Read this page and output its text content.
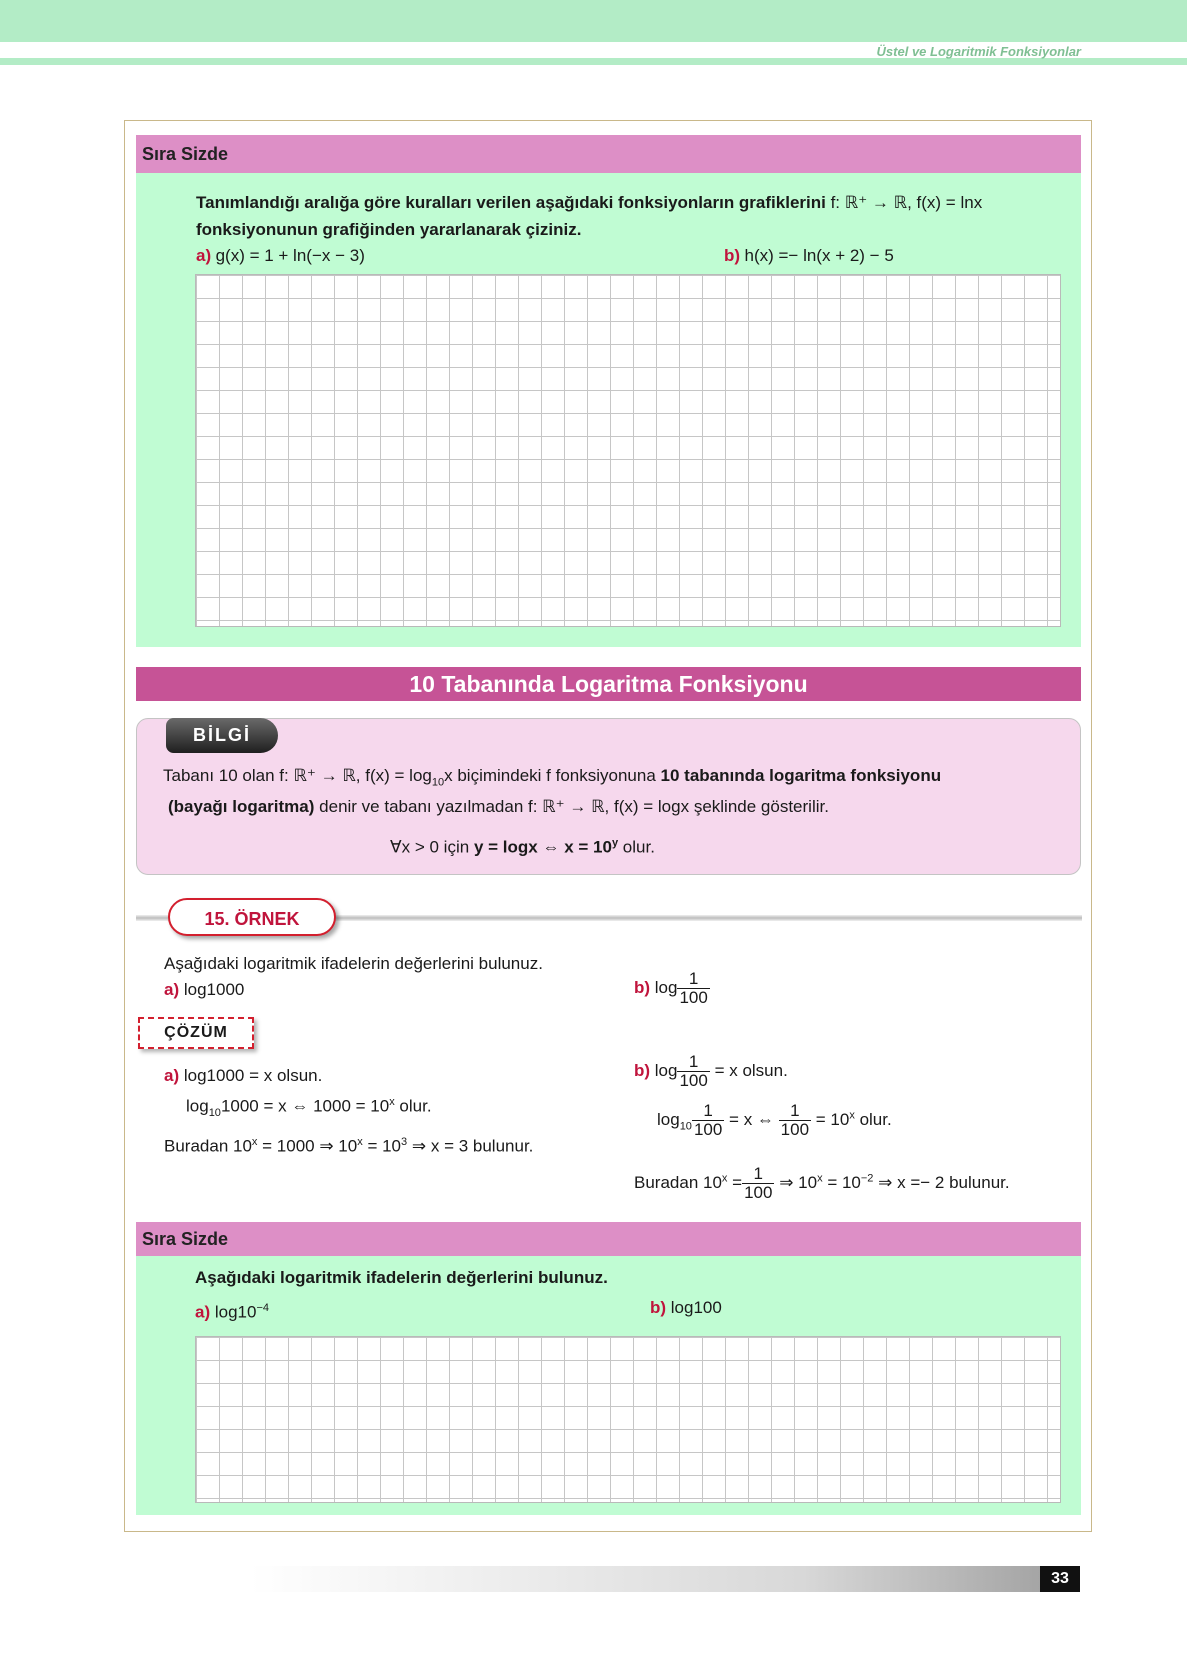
Üstel ve Logaritmik Fonksiyonlar
Sıra Sizde
Tanımlandığı aralığa göre kuralları verilen aşağıdaki fonksiyonların grafiklerini f: ℝ⁺ → ℝ, f(x) = lnx
fonksiyonunun grafiğinden yararlanarak çiziniz.
a) g(x) = 1 + ln(−x − 3)	b) h(x) =− ln(x + 2) − 5
10 Tabanında Logaritma Fonksiyonu
BİLGİ
Tabanı 10 olan f: ℝ⁺ → ℝ, $f(x) = \log_{10}x$ biçimindeki f fonksiyonuna 10 tabanında logaritma fonksiyonu
(bayağı logaritma) denir ve tabanı yazılmadan f: ℝ⁺ → ℝ, f(x) = logx şeklinde gösterilir.
∀x > 0 için y = logx ⇔ $x = 10^y$ olur.
15. ÖRNEK
Aşağıdaki logaritmik ifadelerin değerlerini bulunuz.
a) log1000	b) $\log \frac{1}{100}$
ÇÖZÜM
a) log1000 = x olsun.
$\log_{10}1000 = x$ ⇔ $1000 = 10^x$ olur.
Buradan $10^x = 1000$ ⇒ $10^x = 10^3$ ⇒ x = 3 bulunur.
b) $\log \frac{1}{100} = x$ olsun.
$\log_{10} \frac{1}{100} = x$ ⇔ $\frac{1}{100} = 10^x$ olur.
Buradan $10^x = \frac{1}{100}$ ⇒ $10^x = 10^{-2}$ ⇒ x =− 2 bulunur.
Sıra Sizde
Aşağıdaki logaritmik ifadelerin değerlerini bulunuz.
a) $\log 10^{-4}$	b) log100
33
